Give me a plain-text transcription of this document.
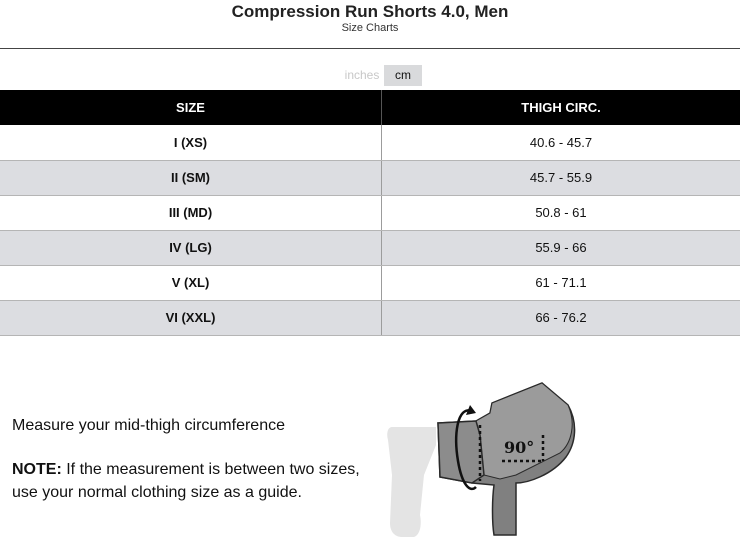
Compression Run Shorts 4.0, Men
Size Charts
inches	cm
SIZE	THIGH CIRC.
I (XS)	40.6 - 45.7
II (SM)	45.7 - 55.9
III (MD)	50.8 - 61
IV (LG)	55.9 - 66
V (XL)	61 - 71.1
VI (XXL)	66 - 76.2
Measure your mid-thigh circumference
NOTE: If the measurement is between two sizes, use your normal clothing size as a guide.
90°
